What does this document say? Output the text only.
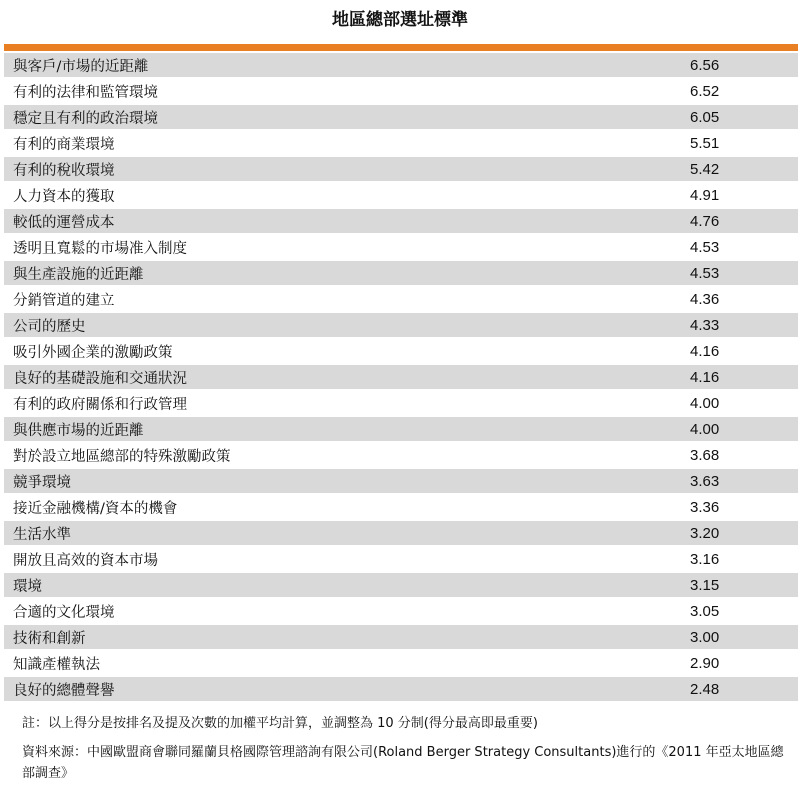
地區總部選址標準
與客戶/市場的近距離	6.56
有利的法律和監管環境	6.52
穩定且有利的政治環境	6.05
有利的商業環境	5.51
有利的稅收環境	5.42
人力資本的獲取	4.91
較低的運營成本	4.76
透明且寬鬆的市場准入制度	4.53
與生產設施的近距離	4.53
分銷管道的建立	4.36
公司的歷史	4.33
吸引外國企業的激勵政策	4.16
良好的基礎設施和交通狀況	4.16
有利的政府關係和行政管理	4.00
與供應市場的近距離	4.00
對於設立地區總部的特殊激勵政策	3.68
競爭環境	3.63
接近金融機構/資本的機會	3.36
生活水準	3.20
開放且高效的資本市場	3.16
環境	3.15
合適的文化環境	3.05
技術和創新	3.00
知識產權執法	2.90
良好的總體聲譽	2.48

註：以上得分是按排名及提及次數的加權平均計算，並調整為 10 分制(得分最高即最重要)

資料來源：中國歐盟商會聯同羅蘭貝格國際管理諮詢有限公司(Roland Berger Strategy Consultants)進行的《2011 年亞太地區總部調查》
